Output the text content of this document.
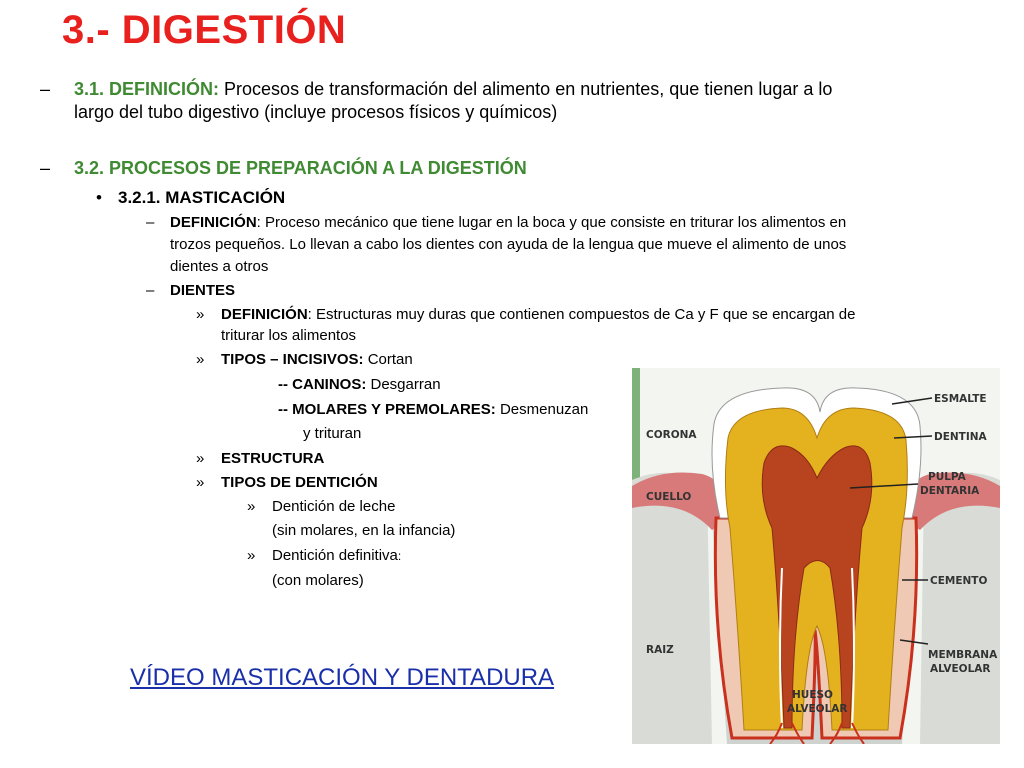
3.- DIGESTIÓN
– 3.1. DEFINICIÓN: Procesos de transformación del alimento en nutrientes, que tienen lugar a lo
largo del tubo digestivo (incluye procesos físicos y químicos)
– 3.2. PROCESOS DE PREPARACIÓN A LA DIGESTIÓN
• 3.2.1. MASTICACIÓN
– DEFINICIÓN: Proceso mecánico que tiene lugar en la boca y que consiste en triturar los alimentos en
trozos pequeños. Lo llevan a cabo los dientes con ayuda de la lengua que mueve el alimento de unos
dientes a otros
– DIENTES
» DEFINICIÓN: Estructuras muy duras que contienen compuestos de Ca y F que se encargan de
triturar los alimentos
» TIPOS – INCISIVOS: Cortan
-- CANINOS: Desgarran
-- MOLARES Y PREMOLARES: Desmenuzan
y trituran
» ESTRUCTURA
» TIPOS DE DENTICIÓN
» Dentición de leche
(sin molares, en la infancia)
» Dentición definitiva:
(con molares)
VÍDEO MASTICACIÓN Y DENTADURA
ESMALTE
DENTINA
PULPA
DENTARIA
CORONA
CUELLO
CEMENTO
RAIZ	MEMBRANA
ALVEOLAR
HUESO
ALVEOLAR
